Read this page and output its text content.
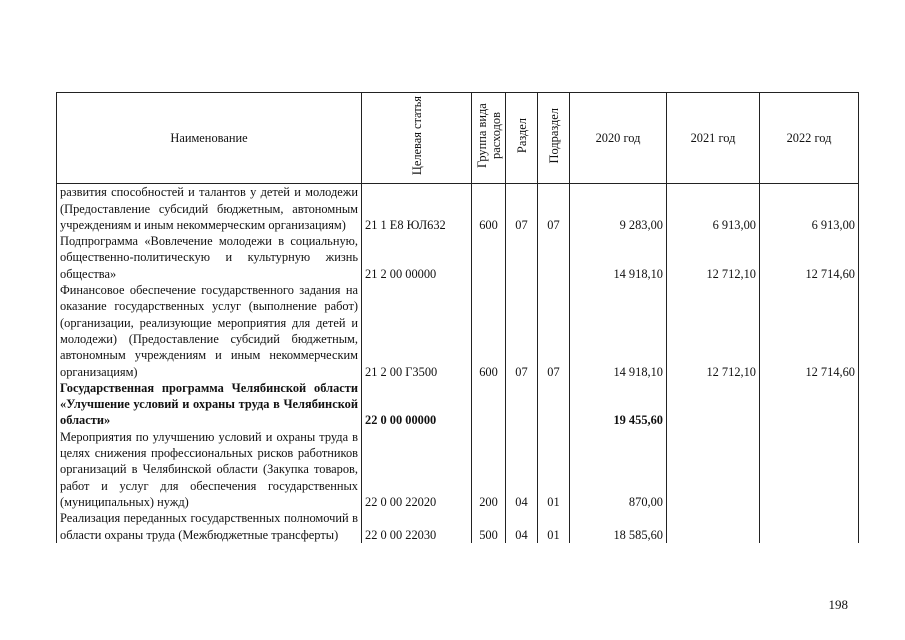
Наименование	Целевая статья	Группа вида расходов	Раздел	Подраздел	2020 год	2021 год	2022 год
развития способностей и талантов у детей и молодежи (Предоставление субсидий бюджетным, автономным учреждениям и иным некоммерческим организациям)	21 1 E8 ЮЛ632	600	07	07	9 283,00	6 913,00	6 913,00
Подпрограмма «Вовлечение молодежи в социальную, общественно-политическую и культурную жизнь общества»	21 2 00 00000				14 918,10	12 712,10	12 714,60
Финансовое обеспечение государственного задания на оказание государственных услуг (выполнение работ) (организации, реализующие мероприятия для детей и молодежи) (Предоставление субсидий бюджетным, автономным учреждениям и иным некоммерческим организациям)	21 2 00 Г3500	600	07	07	14 918,10	12 712,10	12 714,60
Государственная программа Челябинской области «Улучшение условий и охраны труда в Челябинской области»	22 0 00 00000				19 455,60		
Мероприятия по улучшению условий и охраны труда в целях снижения профессиональных рисков работников организаций в Челябинской области (Закупка товаров, работ и услуг для обеспечения государственных (муниципальных) нужд)	22 0 00 22020	200	04	01	870,00		
Реализация переданных государственных полномочий в области охраны труда (Межбюджетные трансферты)	22 0 00 22030	500	04	01	18 585,60		
198
